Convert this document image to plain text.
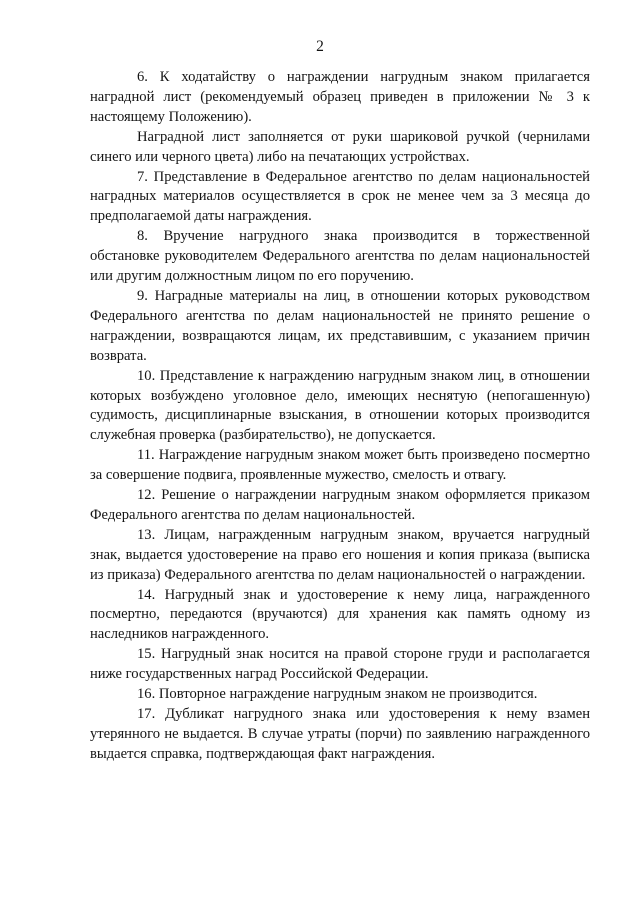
2

6. К ходатайству о награждении нагрудным знаком прилагается наградной лист (рекомендуемый образец приведен в приложении № 3 к настоящему Положению).

Наградной лист заполняется от руки шариковой ручкой (чернилами синего или черного цвета) либо на печатающих устройствах.

7. Представление в Федеральное агентство по делам национальностей наградных материалов осуществляется в срок не менее чем за 3 месяца до предполагаемой даты награждения.

8. Вручение нагрудного знака производится в торжественной обстановке руководителем Федерального агентства по делам национальностей или другим должностным лицом по его поручению.

9. Наградные материалы на лиц, в отношении которых руководством Федерального агентства по делам национальностей не принято решение о награждении, возвращаются лицам, их представившим, с указанием причин возврата.

10. Представление к награждению нагрудным знаком лиц, в отношении которых возбуждено уголовное дело, имеющих неснятую (непогашенную) судимость, дисциплинарные взыскания, в отношении которых производится служебная проверка (разбирательство), не допускается.

11. Награждение нагрудным знаком может быть произведено посмертно за совершение подвига, проявленные мужество, смелость и отвагу.

12. Решение о награждении нагрудным знаком оформляется приказом Федерального агентства по делам национальностей.

13. Лицам, награжденным нагрудным знаком, вручается нагрудный знак, выдается удостоверение на право его ношения и копия приказа (выписка из приказа) Федерального агентства по делам национальностей о награждении.

14. Нагрудный знак и удостоверение к нему лица, награжденного посмертно, передаются (вручаются) для хранения как память одному из наследников награжденного.

15. Нагрудный знак носится на правой стороне груди и располагается ниже государственных наград Российской Федерации.

16. Повторное награждение нагрудным знаком не производится.

17. Дубликат нагрудного знака или удостоверения к нему взамен утерянного не выдается. В случае утраты (порчи) по заявлению награжденного выдается справка, подтверждающая факт награждения.
